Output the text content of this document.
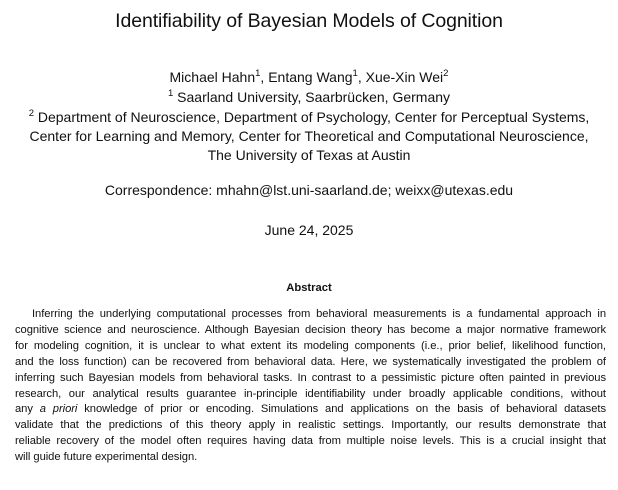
Identifiability of Bayesian Models of Cognition
Michael Hahn$^1$, Entang Wang$^1$, Xue-Xin Wei$^2$
$^1$ Saarland University, Saarbrücken, Germany
$^2$ Department of Neuroscience, Department of Psychology, Center for Perceptual Systems,
Center for Learning and Memory, Center for Theoretical and Computational Neuroscience,
The University of Texas at Austin
Correspondence: mhahn@lst.uni-saarland.de; weixx@utexas.edu
June 24, 2025
Abstract
Inferring the underlying computational processes from behavioral measurements is a fundamental approach in
cognitive science and neuroscience. Although Bayesian decision theory has become a major normative framework
for modeling cognition, it is unclear to what extent its modeling components (i.e., prior belief, likelihood function,
and the loss function) can be recovered from behavioral data. Here, we systematically investigated the problem of
inferring such Bayesian models from behavioral tasks. In contrast to a pessimistic picture often painted in previous
research, our analytical results guarantee in-principle identifiability under broadly applicable conditions, without
any a priori knowledge of prior or encoding. Simulations and applications on the basis of behavioral datasets
validate that the predictions of this theory apply in realistic settings. Importantly, our results demonstrate that
reliable recovery of the model often requires having data from multiple noise levels. This is a crucial insight that
will guide future experimental design.
